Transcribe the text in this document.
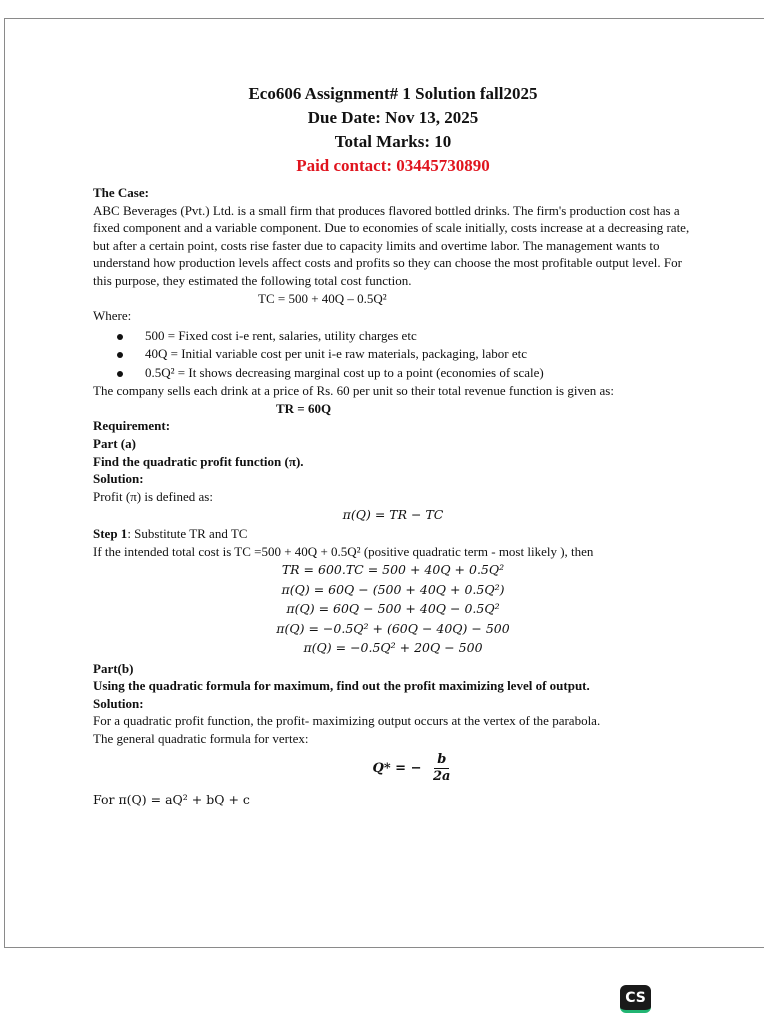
Eco606 Assignment# 1 Solution fall2025
Due Date: Nov 13, 2025
Total Marks: 10
Paid contact: 03445730890
The Case:
ABC Beverages (Pvt.) Ltd. is a small firm that produces flavored bottled drinks. The firm's production cost has a fixed component and a variable component. Due to economies of scale initially, costs increase at a decreasing rate, but after a certain point, costs rise faster due to capacity limits and overtime labor. The management wants to understand how production levels affect costs and profits so they can choose the most profitable output level. For this purpose, they estimated the following total cost function.
TC = 500 + 40Q – 0.5Q²
Where:
500 = Fixed cost i-e rent, salaries, utility charges etc
40Q = Initial variable cost per unit i-e raw materials, packaging, labor etc
0.5Q² = It shows decreasing marginal cost up to a point (economies of scale)
The company sells each drink at a price of Rs. 60 per unit so their total revenue function is given as:
TR = 60Q
Requirement:
Part (a)
Find the quadratic profit function (π).
Solution:
Profit (π) is defined as:
π(Q) = TR − TC
Step 1: Substitute TR and TC
If the intended total cost is TC =500 + 40Q + 0.5Q² (positive quadratic term - most likely ), then
TR = 600.TC = 500 + 40Q + 0.5Q²
π(Q) = 60Q − (500 + 40Q + 0.5Q²)
π(Q) = 60Q − 500 + 40Q − 0.5Q²
π(Q) = −0.5Q² + (60Q − 40Q) − 500
π(Q) = −0.5Q² + 20Q − 500
Part(b)
Using the quadratic formula for maximum, find out the profit maximizing level of output.
Solution:
For a quadratic profit function, the profit- maximizing output occurs at the vertex of the parabola.
The general quadratic formula for vertex:
Q* = − $\frac{b}{2a}$
For π(Q) = aQ² + bQ + c
CS
